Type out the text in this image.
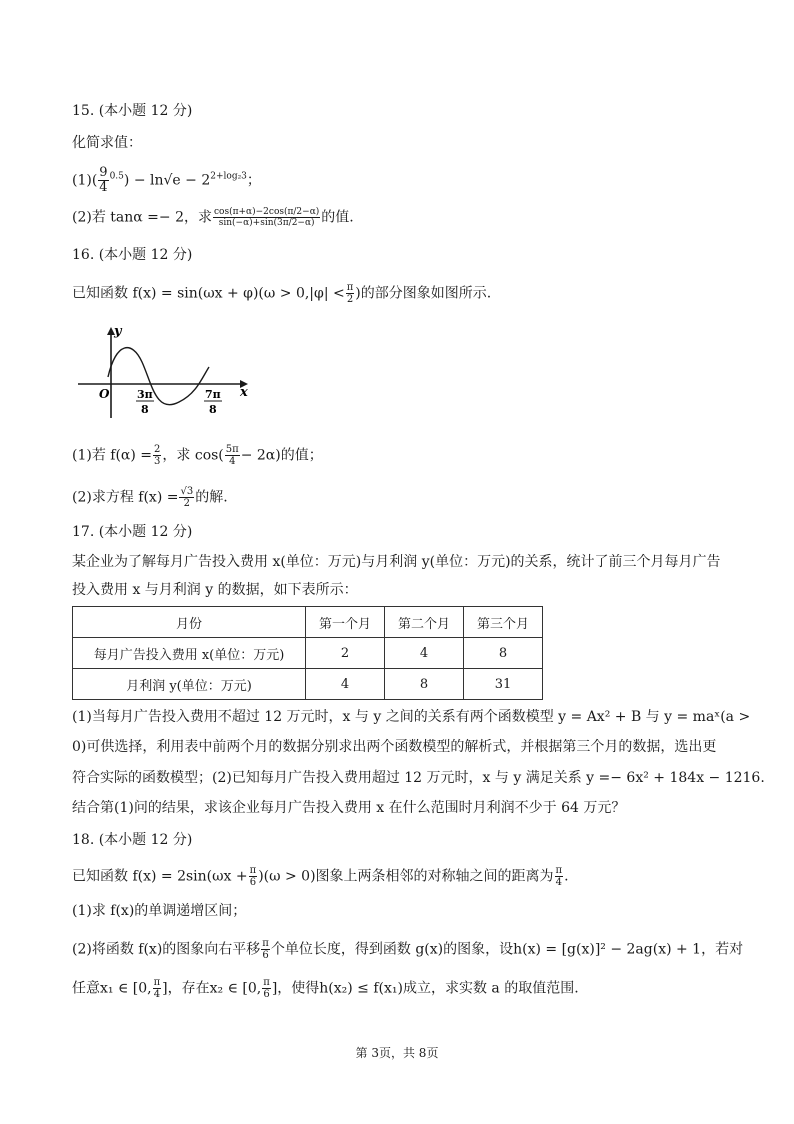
15. (本小题 12 分)
化简求值：
$(1)( \frac{9}{4} ^{0.5}) - \ln√e - 2^{2+log_23}$；
(2)若 tanα =− 2，求 $\frac{\cos(\pi+\alpha)-2\cos(\pi/2-\alpha)}{\sin(-\alpha)+\sin(3\pi/2-\alpha)}$ 的值.
16. (本小题 12 分)
已知函数 $f(x) = \sin(\omega x + \varphi)(\omega > 0,|\varphi| < \frac{\pi}{2}$ )的部分图象如图所示.
y
x
O	3π
8
7π
8
(1)若 $f(\alpha) = \frac{2}{3}$ ，求 $\cos( \frac{5\pi}{4} - 2\alpha)$的值；
(2)求方程 $f(x) = \frac{√3}{2}$ 的解.
17. (本小题 12 分)
某企业为了解每月广告投入费用 x(单位：万元)与月利润 y(单位：万元)的关系，统计了前三个月每月广告
投入费用 x 与月利润 y 的数据，如下表所示：
月份	第一个月	第二个月	第三个月
每月广告投入费用 x(单位：万元)	2	4	8
月利润 y(单位：万元)	4	8	31
(1)当每月广告投入费用不超过 12 万元时，x 与 y 之间的关系有两个函数模型 y = Ax² + B 与 y = maˣ(a >
0)可供选择，利用表中前两个月的数据分别求出两个函数模型的解析式，并根据第三个月的数据，选出更
符合实际的函数模型；(2)已知每月广告投入费用超过 12 万元时，x 与 y 满足关系 y =− 6x² + 184x − 1216.
结合第(1)问的结果，求该企业每月广告投入费用 x 在什么范围时月利润不少于 64 万元？
18. (本小题 12 分)
已知函数 $f(x) = 2\sin(\omega x + \frac{\pi}{6} )(\omega > 0)$图象上两条相邻的对称轴之间的距离为 $\frac{\pi}{4}$ .
(1)求 f(x)的单调递增区间；
(2)将函数 f(x)的图象向右平移 $\frac{\pi}{6}$ 个单位长度，得到函数 g(x)的图象，设h(x) = [g(x)]² − 2ag(x) + 1，若对
任意x₁ ∈ [0, $\frac{\pi}{4}$ ]，存在x₂ ∈ [0, $\frac{\pi}{6}$ ]，使得h(x₂) ≤ f(x₁)成立，求实数 a 的取值范围.
第 3页，共 8页
